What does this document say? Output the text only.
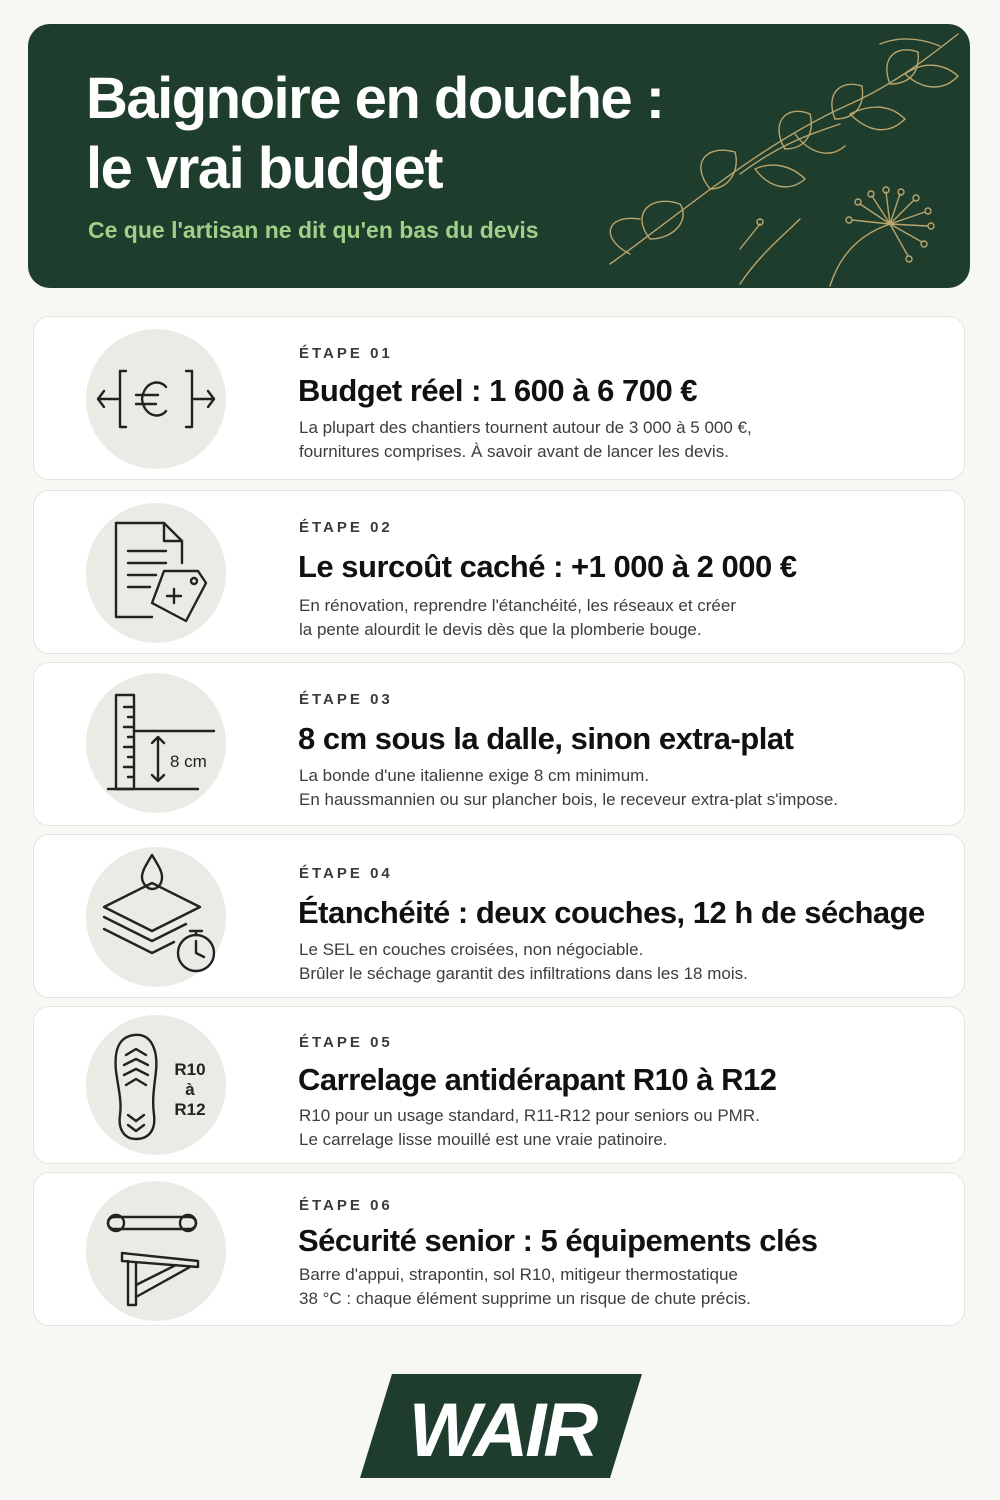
Baignoire en douche :
le vrai budget
Ce que l'artisan ne dit qu'en bas du devis
ÉTAPE 01
Budget réel : 1 600 à 6 700 €
La plupart des chantiers tournent autour de 3 000 à 5 000 €,
fournitures comprises. À savoir avant de lancer les devis.
ÉTAPE 02
Le surcoût caché : +1 000 à 2 000 €
En rénovation, reprendre l'étanchéité, les réseaux et créer
la pente alourdit le devis dès que la plomberie bouge.
8 cm
ÉTAPE 03
8 cm sous la dalle, sinon extra-plat
La bonde d'une italienne exige 8 cm minimum.
En haussmannien ou sur plancher bois, le receveur extra-plat s'impose.
ÉTAPE 04
Étanchéité : deux couches, 12 h de séchage
Le SEL en couches croisées, non négociable.
Brûler le séchage garantit des infiltrations dans les 18 mois.
R10
à
R12
ÉTAPE 05
Carrelage antidérapant R10 à R12
R10 pour un usage standard, R11-R12 pour seniors ou PMR.
Le carrelage lisse mouillé est une vraie patinoire.
ÉTAPE 06
Sécurité senior : 5 équipements clés
Barre d'appui, strapontin, sol R10, mitigeur thermostatique
38 °C : chaque élément supprime un risque de chute précis.
WAIR
